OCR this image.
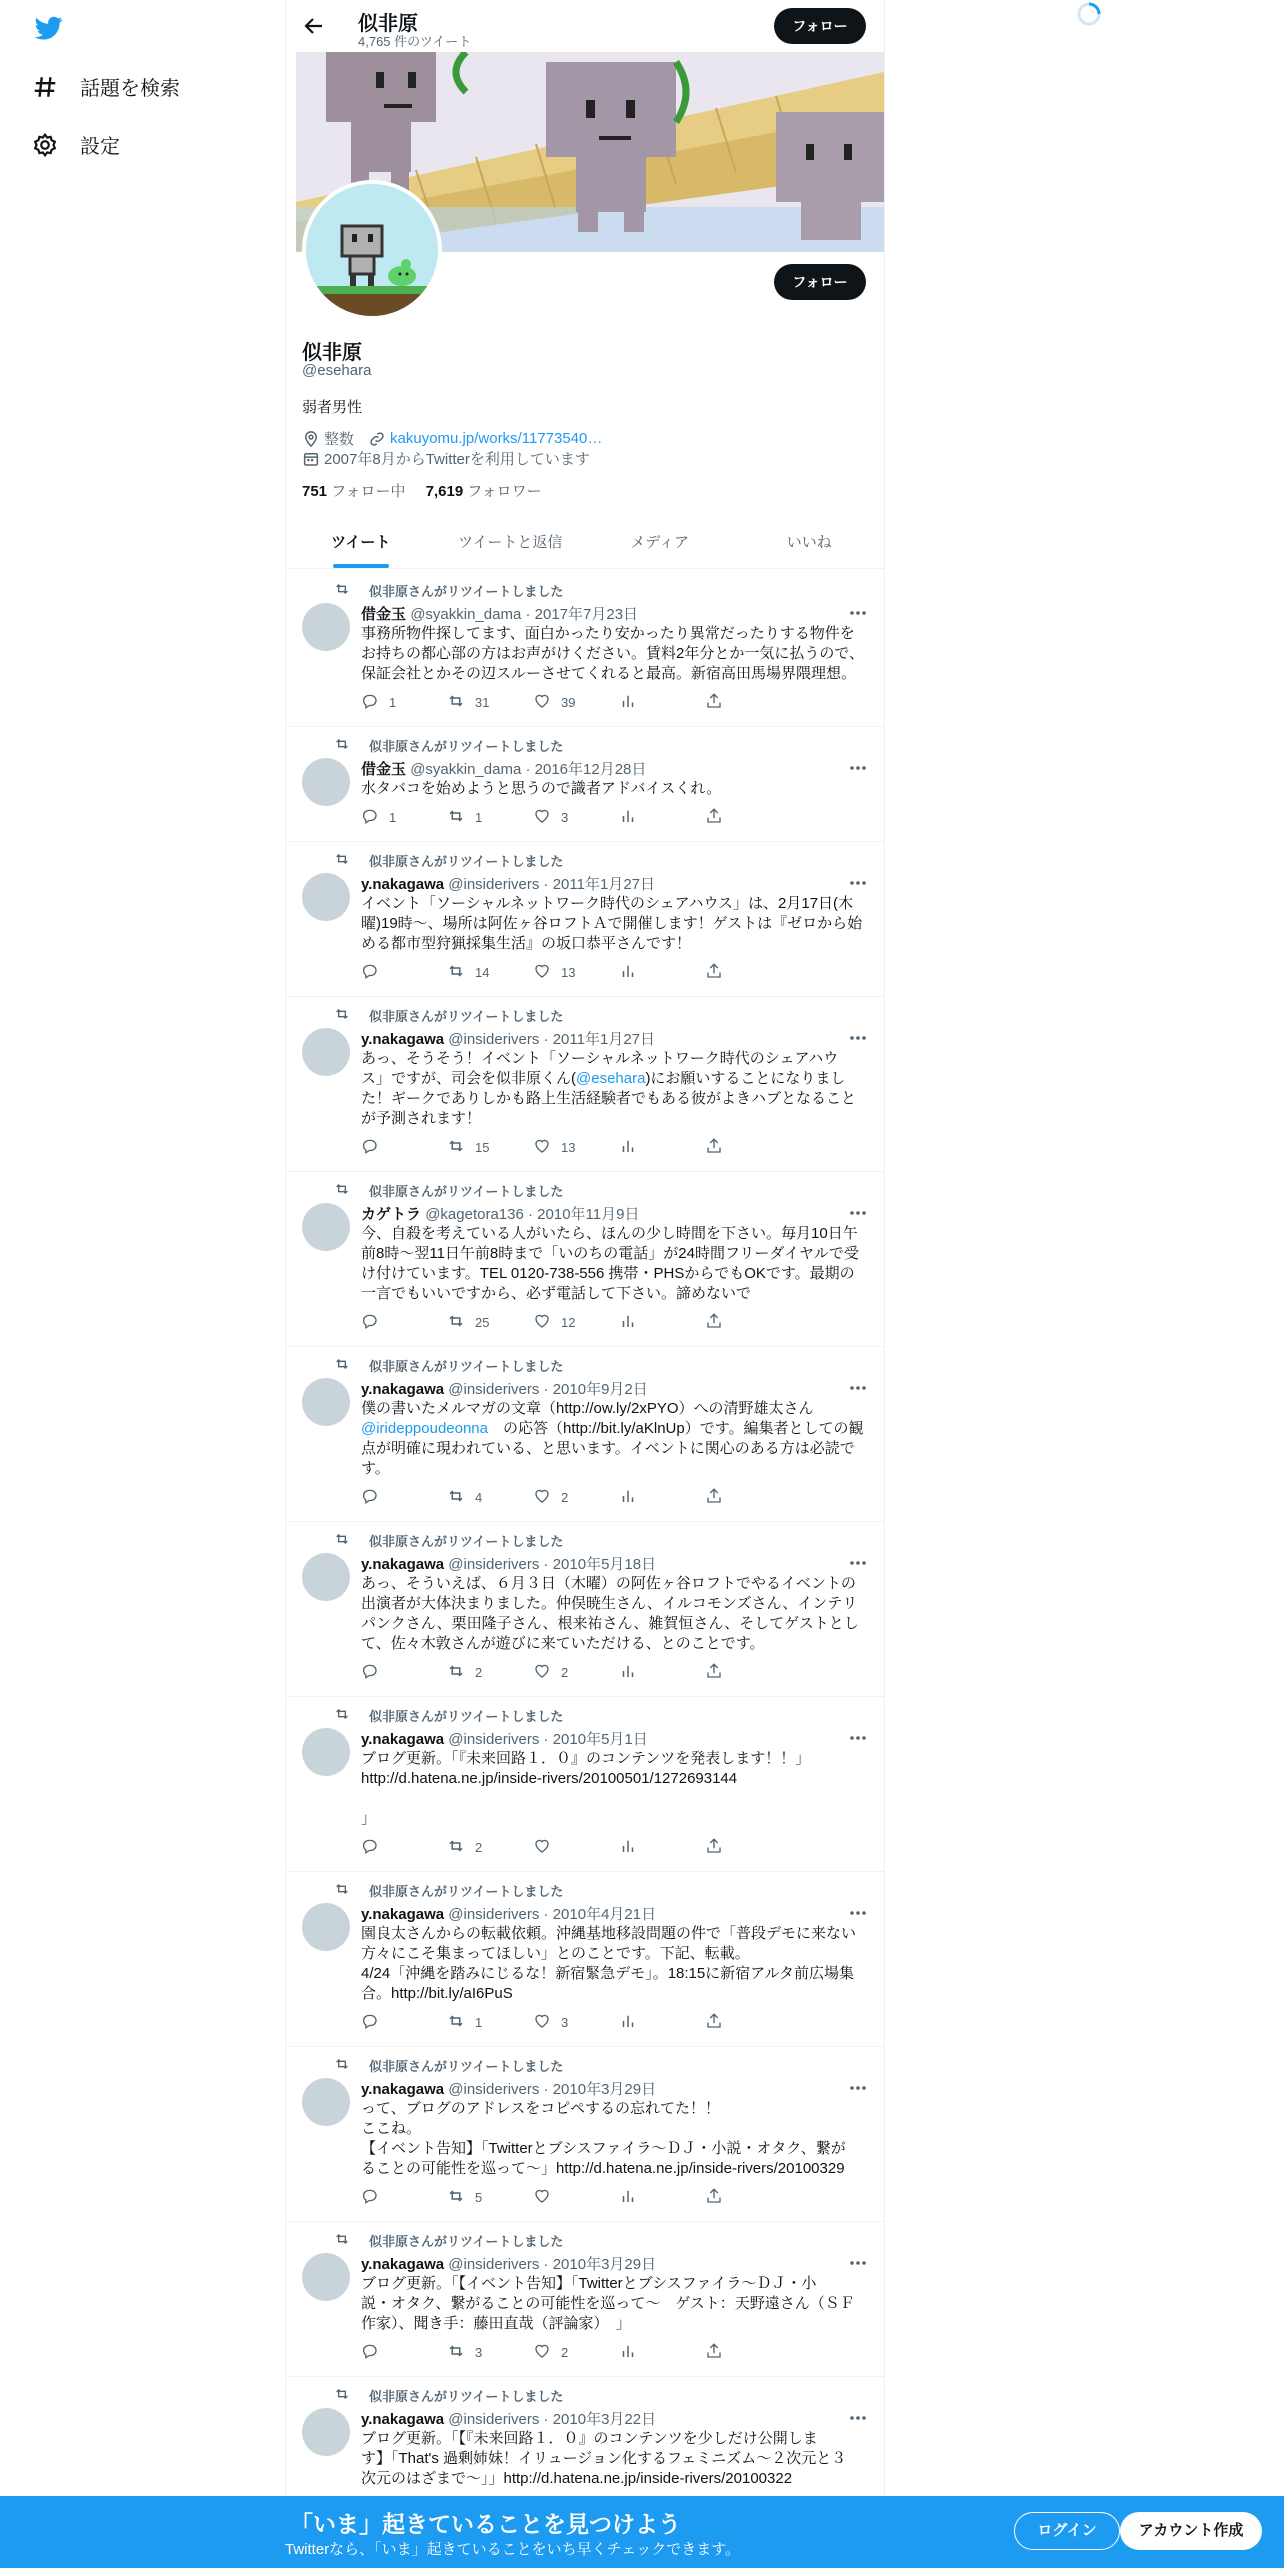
話題を検索
設定
似非原
4,765 件のツイート
フォロー
フォロー
似非原
@esehara
弱者男性
整数 kakuyomu.jp/works/11773540…
2007年8月からTwitterを利用しています
751 フォロー中 7,619 フォロワー
ツイート	ツイートと返信	メディア	いいね
似非原さんがリツイートしました
借金玉 @syakkin_dama · 2017年7月23日
事務所物件探してます、面白かったり安かったり異常だったりする物件を
お持ちの都心部の方はお声がけください。賃料2年分とか一気に払うので、
保証会社とかその辺スルーさせてくれると最高。新宿高田馬場界隈理想。
1	31	39
似非原さんがリツイートしました
借金玉 @syakkin_dama · 2016年12月28日
水タバコを始めようと思うので識者アドバイスくれ。
1	1	3
似非原さんがリツイートしました
y.nakagawa @insiderivers · 2011年1月27日
イベント「ソーシャルネットワーク時代のシェアハウス」は、2月17日(木
曜)19時〜、場所は阿佐ヶ谷ロフトＡで開催します！ゲストは『ゼロから始
める都市型狩猟採集生活』の坂口恭平さんです！
14	13
似非原さんがリツイートしました
y.nakagawa @insiderivers · 2011年1月27日
あっ、そうそう！イベント「ソーシャルネットワーク時代のシェアハウ
ス」ですが、司会を似非原くん(@esehara)にお願いすることになりまし
た！ギークでありしかも路上生活経験者でもある彼がよきハブとなること
が予測されます！
15	13
似非原さんがリツイートしました
カゲトラ @kagetora136 · 2010年11月9日
今、自殺を考えている人がいたら、ほんの少し時間を下さい。毎月10日午
前8時～翌11日午前8時まで「いのちの電話」が24時間フリーダイヤルで受
け付けています。TEL 0120-738-556 携帯・PHSからでもOKです。最期の
一言でもいいですから、必ず電話して下さい。諦めないで
25	12
似非原さんがリツイートしました
y.nakagawa @insiderivers · 2010年9月2日
僕の書いたメルマガの文章（http://ow.ly/2xPYO）への清野雄太さん
@irideppoudeonna　の応答（http://bit.ly/aKlnUp）です。編集者としての観
点が明確に現われている、と思います。イベントに関心のある方は必読で
す。
4	2
似非原さんがリツイートしました
y.nakagawa @insiderivers · 2010年5月18日
あっ、そういえば、６月３日（木曜）の阿佐ヶ谷ロフトでやるイベントの
出演者が大体決まりました。仲俣暁生さん、イルコモンズさん、インテリ
パンクさん、栗田隆子さん、根来祐さん、雑賀恒さん、そしてゲストとし
て、佐々木敦さんが遊びに来ていただける、とのことです。
2	2
似非原さんがリツイートしました
y.nakagawa @insiderivers · 2010年5月1日
ブログ更新。「『未来回路１．０』のコンテンツを発表します！！」
http://d.hatena.ne.jp/inside-rivers/20100501/1272693144

」
2
似非原さんがリツイートしました
y.nakagawa @insiderivers · 2010年4月21日
園良太さんからの転載依頼。沖縄基地移設問題の件で「普段デモに来ない
方々にこそ集まってほしい」とのことです。下記、転載。
4/24「沖縄を踏みにじるな！新宿緊急デモ」。18:15に新宿アルタ前広場集
合。http://bit.ly/aI6PuS
1	3
似非原さんがリツイートしました
y.nakagawa @insiderivers · 2010年3月29日
って、ブログのアドレスをコピペするの忘れてた！！
ここね。
【イベント告知】「Twitterとブシスファイラ～ＤＪ・小説・オタク、繋が
ることの可能性を巡って～」http://d.hatena.ne.jp/inside-rivers/20100329
5
似非原さんがリツイートしました
y.nakagawa @insiderivers · 2010年3月29日
ブログ更新。「【イベント告知】「Twitterとブシスファイラ～ＤＪ・小
説・オタク、繋がることの可能性を巡って～　ゲスト：天野遠さん（ＳＦ
作家）、聞き手：藤田直哉（評論家）　」
3	2
似非原さんがリツイートしました
y.nakagawa @insiderivers · 2010年3月22日
ブログ更新。「【『未来回路１．０』のコンテンツを少しだけ公開しま
す】「That's 過剰姉妹！イリュージョン化するフェミニズム～２次元と３
次元のはざまで～」」http://d.hatena.ne.jp/inside-rivers/20100322
「いま」起きていることを見つけよう
Twitterなら、「いま」起きていることをいち早くチェックできます。
ログイン	アカウント作成
